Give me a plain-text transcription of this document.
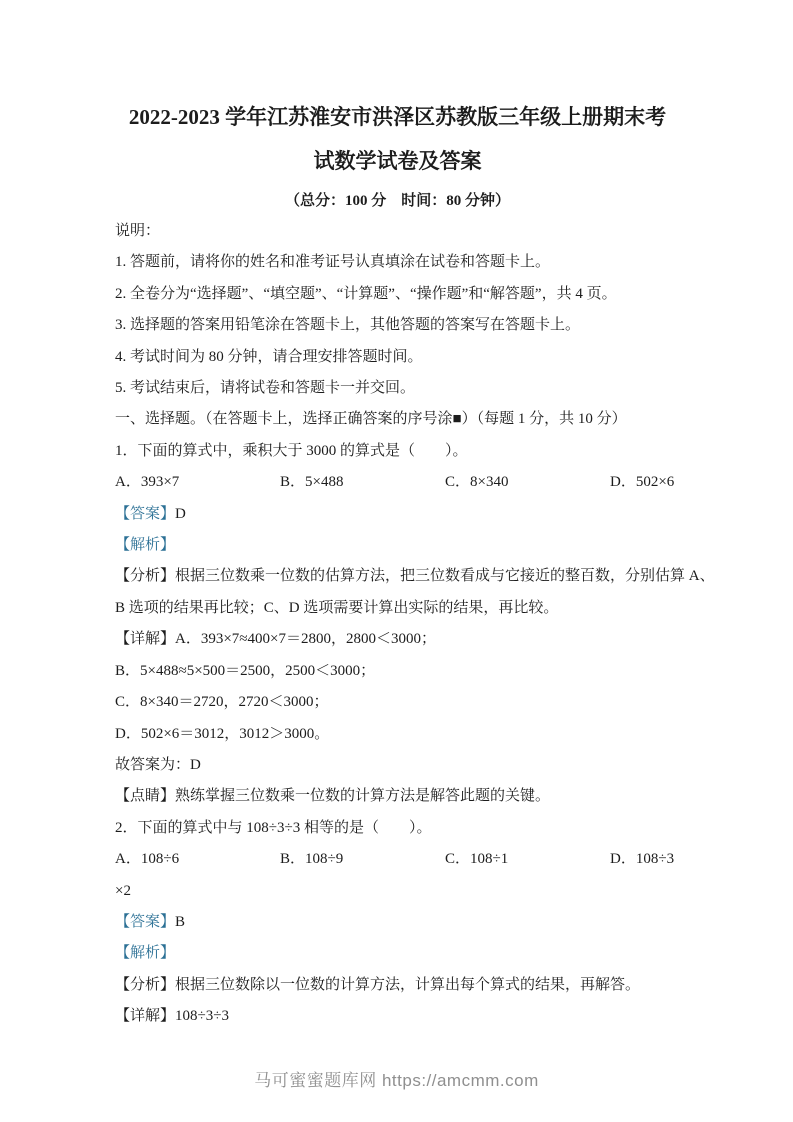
2022-2023 学年江苏淮安市洪泽区苏教版三年级上册期末考
试数学试卷及答案
（总分：100 分　时间：80 分钟）
说明：
1. 答题前，请将你的姓名和准考证号认真填涂在试卷和答题卡上。
2. 全卷分为“选择题”、“填空题”、“计算题”、“操作题”和“解答题”，共 4 页。
3. 选择题的答案用铅笔涂在答题卡上，其他答题的答案写在答题卡上。
4. 考试时间为 80 分钟，请合理安排答题时间。
5. 考试结束后，请将试卷和答题卡一并交回。
一、选择题。（在答题卡上，选择正确答案的序号涂■）（每题 1 分，共 10 分）
1．下面的算式中，乘积大于 3000 的算式是（　　）。
A．393×7	B．5×488	C．8×340	D．502×6
【答案】D
【解析】
【分析】根据三位数乘一位数的估算方法，把三位数看成与它接近的整百数，分别估算 A、
B 选项的结果再比较；C、D 选项需要计算出实际的结果，再比较。
【详解】A．393×7≈400×7＝2800，2800＜3000；
B．5×488≈5×500＝2500，2500＜3000；
C．8×340＝2720，2720＜3000；
D．502×6＝3012，3012＞3000。
故答案为：D
【点睛】熟练掌握三位数乘一位数的计算方法是解答此题的关键。
2．下面的算式中与 108÷3÷3 相等的是（　　）。
A．108÷6	B．108÷9	C．108÷1	D．108÷3
×2
【答案】B
【解析】
【分析】根据三位数除以一位数的计算方法，计算出每个算式的结果，再解答。
【详解】108÷3÷3
马可蜜蜜题库网 https://amcmm.com
